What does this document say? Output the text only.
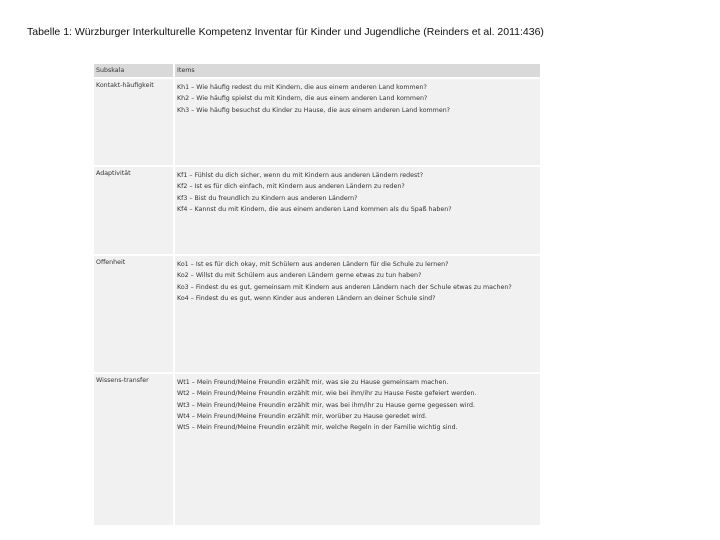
Tabelle 1: Würzburger Interkulturelle Kompetenz Inventar für Kinder und Jugendliche (Reinders et al. 2011:436)
Subskala	Items
Kontakt-häufigkeit	Kh1 – Wie häufig redest du mit Kindern, die aus einem anderen Land kommen?
Kh2 – Wie häufig spielst du mit Kindern, die aus einem anderen Land kommen?
Kh3 – Wie häufig besuchst du Kinder zu Hause, die aus einem anderen Land kommen?
Adaptivität	Kf1 – Fühlst du dich sicher, wenn du mit Kindern aus anderen Ländern redest?
Kf2 – Ist es für dich einfach, mit Kindern aus anderen Ländern zu reden?
Kf3 – Bist du freundlich zu Kindern aus anderen Ländern?
Kf4 – Kannst du mit Kindern, die aus einem anderen Land kommen als du Spaß haben?
Offenheit	Ko1 – Ist es für dich okay, mit Schülern aus anderen Ländern für die Schule zu lernen?
Ko2 – Willst du mit Schülern aus anderen Ländern gerne etwas zu tun haben?
Ko3 – Findest du es gut, gemeinsam mit Kindern aus anderen Ländern nach der Schule etwas zu machen?
Ko4 – Findest du es gut, wenn Kinder aus anderen Ländern an deiner Schule sind?
Wissens-transfer	Wt1 – Mein Freund/Meine Freundin erzählt mir, was sie zu Hause gemeinsam machen.
Wt2 – Mein Freund/Meine Freundin erzählt mir, wie bei ihm/ihr zu Hause Feste gefeiert werden.
Wt3 – Mein Freund/Meine Freundin erzählt mir, was bei ihm/ihr zu Hause gerne gegessen wird.
Wt4 – Mein Freund/Meine Freundin erzählt mir, worüber zu Hause geredet wird.
Wt5 – Mein Freund/Meine Freundin erzählt mir, welche Regeln in der Familie wichtig sind.
